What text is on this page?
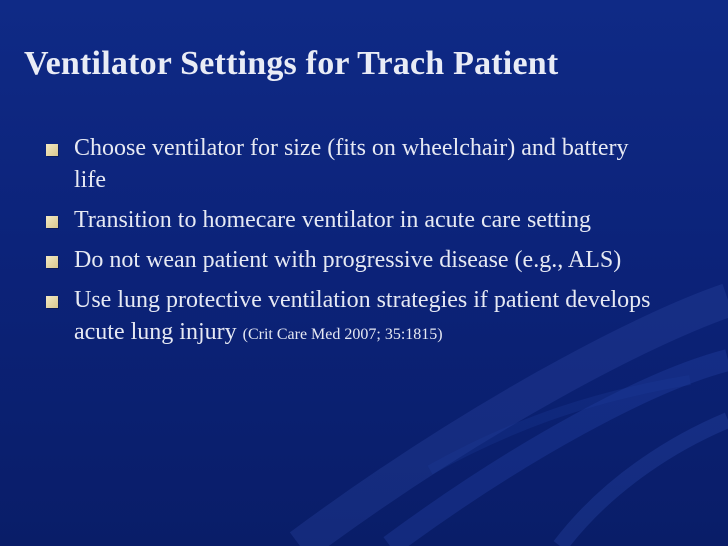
Ventilator Settings for Trach Patient
Choose ventilator for size (fits on wheelchair) and battery life
Transition to homecare ventilator in acute care setting
Do not wean patient with progressive disease (e.g., ALS)
Use lung protective ventilation strategies if patient develops acute lung injury (Crit Care Med 2007; 35:1815)
